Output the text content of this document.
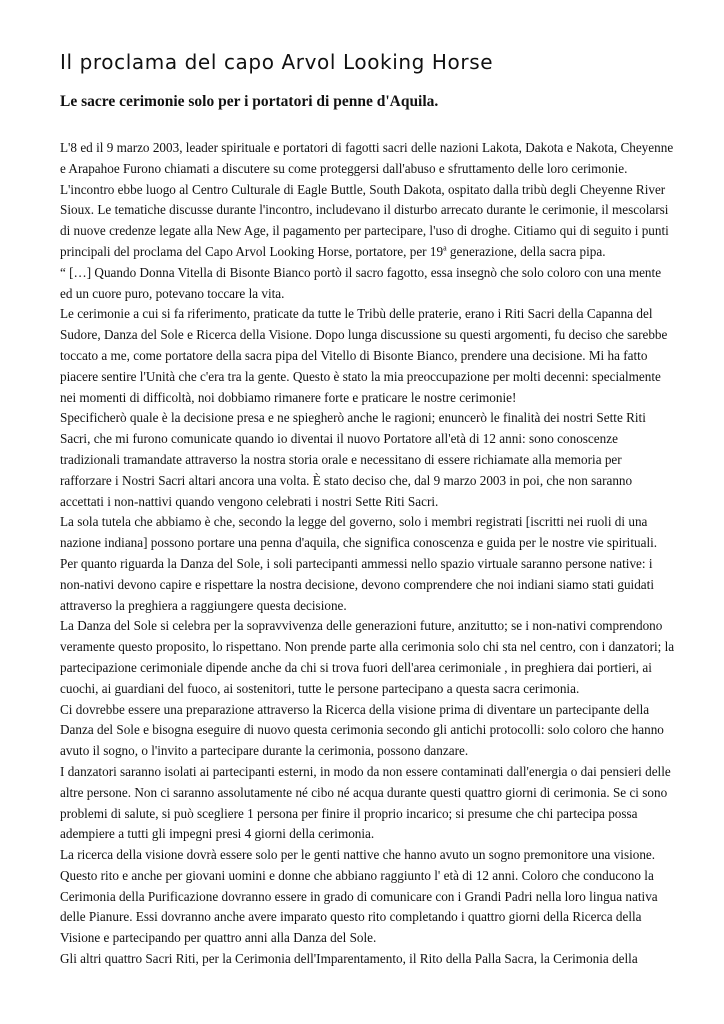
Il proclama del capo Arvol Looking Horse
Le sacre cerimonie solo per i portatori di penne d'Aquila.

L'8 ed il 9 marzo 2003, leader spirituale e portatori di fagotti sacri delle nazioni Lakota, Dakota e Nakota, Cheyenne e Arapahoe Furono chiamati a discutere su come proteggersi dall'abuso e sfruttamento delle loro cerimonie. L'incontro ebbe luogo al Centro Culturale di Eagle Buttle, South Dakota, ospitato dalla tribù degli Cheyenne River Sioux. Le tematiche discusse durante l'incontro, includevano il disturbo arrecato durante le cerimonie, il mescolarsi di nuove credenze legate alla New Age, il pagamento per partecipare, l'uso di droghe. Citiamo qui di seguito i punti principali del proclama del Capo Arvol Looking Horse, portatore, per 19$^a$ generazione, della sacra pipa.

“ […] Quando Donna Vitella di Bisonte Bianco portò il sacro fagotto, essa insegnò che solo coloro con una mente ed un cuore puro, potevano toccare la vita.

Le cerimonie a cui si fa riferimento, praticate da tutte le Tribù delle praterie, erano i Riti Sacri della Capanna del Sudore, Danza del Sole e Ricerca della Visione. Dopo lunga discussione su questi argomenti, fu deciso che sarebbe toccato a me, come portatore della sacra pipa del Vitello di Bisonte Bianco, prendere una decisione. Mi ha fatto piacere sentire l'Unità che c'era tra la gente. Questo è stato la mia preoccupazione per molti decenni: specialmente nei momenti di difficoltà, noi dobbiamo rimanere forte e praticare le nostre cerimonie!

Specificherò quale è la decisione presa e ne spiegherò anche le ragioni; enuncerò le finalità dei nostri Sette Riti Sacri, che mi furono comunicate quando io diventai il nuovo Portatore all'età di 12 anni: sono conoscenze tradizionali tramandate attraverso la nostra storia orale e necessitano di essere richiamate alla memoria per rafforzare i Nostri Sacri altari ancora una volta. È stato deciso che, dal 9 marzo 2003 in poi, che non saranno accettati i non-nattivi quando vengono celebrati i nostri Sette Riti Sacri.

La sola tutela che abbiamo è che, secondo la legge del governo, solo i membri registrati [iscritti nei ruoli di una nazione indiana] possono portare una penna d'aquila, che significa conoscenza e guida per le nostre vie spirituali. Per quanto riguarda la Danza del Sole, i soli partecipanti ammessi nello spazio virtuale saranno persone native: i non-nativi devono capire e rispettare la nostra decisione, devono comprendere che noi indiani siamo stati guidati attraverso la preghiera a raggiungere questa decisione.

La Danza del Sole si celebra per la sopravvivenza delle generazioni future, anzitutto; se i non-nativi comprendono veramente questo proposito, lo rispettano. Non prende parte alla cerimonia solo chi sta nel centro, con i danzatori; la partecipazione cerimoniale dipende anche da chi si trova fuori dell'area cerimoniale , in preghiera dai portieri, ai cuochi, ai guardiani del fuoco, ai sostenitori, tutte le persone partecipano a questa sacra cerimonia.

Ci dovrebbe essere una preparazione attraverso la Ricerca della visione prima di diventare un partecipante della Danza del Sole e bisogna eseguire di nuovo questa cerimonia secondo gli antichi protocolli: solo coloro che hanno avuto il sogno, o l'invito a partecipare durante la cerimonia, possono danzare.

I danzatori saranno isolati ai partecipanti esterni, in modo da non essere contaminati dall'energia o dai pensieri delle altre persone. Non ci saranno assolutamente né cibo né acqua durante questi quattro giorni di cerimonia. Se ci sono problemi di salute, si può scegliere 1 persona per finire il proprio incarico; si presume che chi partecipa possa adempiere a tutti gli impegni presi 4 giorni della cerimonia.

La ricerca della visione dovrà essere solo per le genti nattive che hanno avuto un sogno premonitore una visione. Questo rito e anche per giovani uomini e donne che abbiano raggiunto l' età di 12 anni. Coloro che conducono la Cerimonia della Purificazione dovranno essere in grado di comunicare con i Grandi Padri nella loro lingua nativa delle Pianure. Essi dovranno anche avere imparato questo rito completando i quattro giorni della Ricerca della Visione e partecipando per quattro anni alla Danza del Sole.

Gli altri quattro Sacri Riti, per la Cerimonia dell'Imparentamento, il Rito della Palla Sacra, la Cerimonia della
